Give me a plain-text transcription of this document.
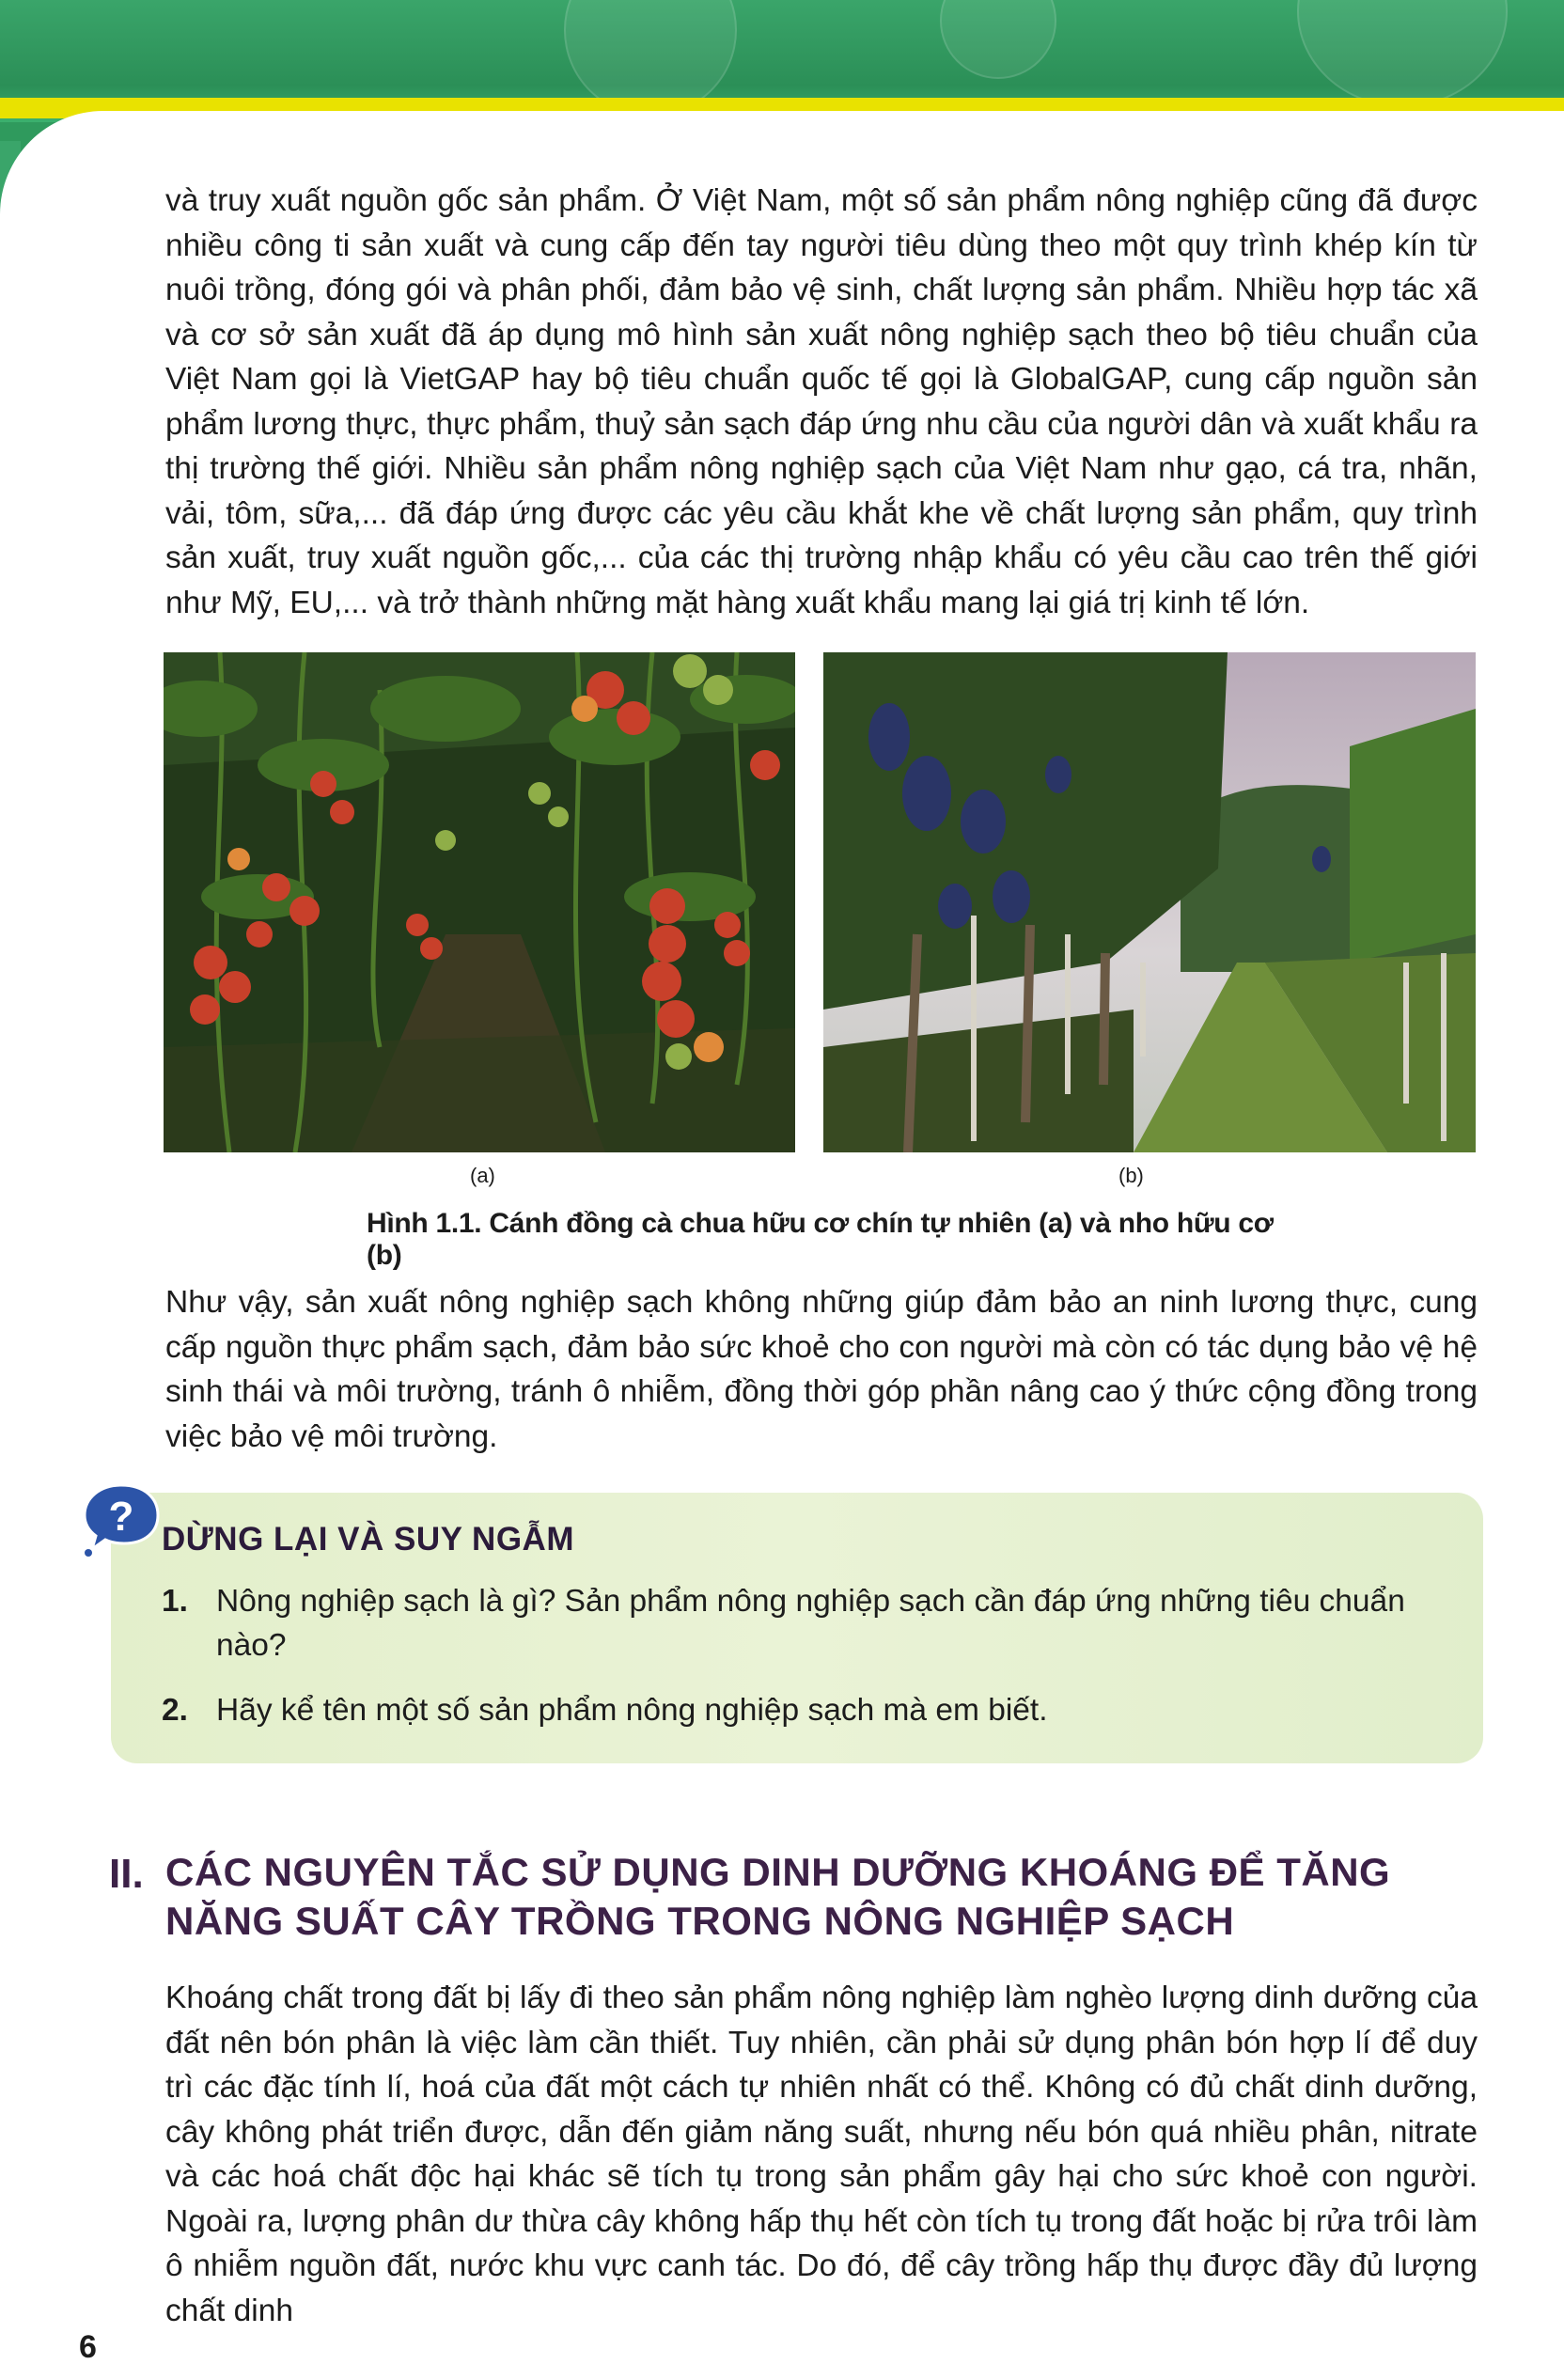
và truy xuất nguồn gốc sản phẩm. Ở Việt Nam, một số sản phẩm nông nghiệp cũng đã được nhiều công ti sản xuất và cung cấp đến tay người tiêu dùng theo một quy trình khép kín từ nuôi trồng, đóng gói và phân phối, đảm bảo vệ sinh, chất lượng sản phẩm. Nhiều hợp tác xã và cơ sở sản xuất đã áp dụng mô hình sản xuất nông nghiệp sạch theo bộ tiêu chuẩn của Việt Nam gọi là VietGAP hay bộ tiêu chuẩn quốc tế gọi là GlobalGAP, cung cấp nguồn sản phẩm lương thực, thực phẩm, thuỷ sản sạch đáp ứng nhu cầu của người dân và xuất khẩu ra thị trường thế giới. Nhiều sản phẩm nông nghiệp sạch của Việt Nam như gạo, cá tra, nhãn, vải, tôm, sữa,... đã đáp ứng được các yêu cầu khắt khe về chất lượng sản phẩm, quy trình sản xuất, truy xuất nguồn gốc,... của các thị trường nhập khẩu có yêu cầu cao trên thế giới như Mỹ, EU,... và trở thành những mặt hàng xuất khẩu mang lại giá trị kinh tế lớn.

(a)	(b)
Hình 1.1. Cánh đồng cà chua hữu cơ chín tự nhiên (a) và nho hữu cơ (b)

Như vậy, sản xuất nông nghiệp sạch không những giúp đảm bảo an ninh lương thực, cung cấp nguồn thực phẩm sạch, đảm bảo sức khoẻ cho con người mà còn có tác dụng bảo vệ hệ sinh thái và môi trường, tránh ô nhiễm, đồng thời góp phần nâng cao ý thức cộng đồng trong việc bảo vệ môi trường.

? DỪNG LẠI VÀ SUY NGẪM
1. Nông nghiệp sạch là gì? Sản phẩm nông nghiệp sạch cần đáp ứng những tiêu chuẩn nào?
2. Hãy kể tên một số sản phẩm nông nghiệp sạch mà em biết.
II. CÁC NGUYÊN TẮC SỬ DỤNG DINH DƯỠNG KHOÁNG ĐỂ TĂNG NĂNG SUẤT CÂY TRỒNG TRONG NÔNG NGHIỆP SẠCH

Khoáng chất trong đất bị lấy đi theo sản phẩm nông nghiệp làm nghèo lượng dinh dưỡng của đất nên bón phân là việc làm cần thiết. Tuy nhiên, cần phải sử dụng phân bón hợp lí để duy trì các đặc tính lí, hoá của đất một cách tự nhiên nhất có thể. Không có đủ chất dinh dưỡng, cây không phát triển được, dẫn đến giảm năng suất, nhưng nếu bón quá nhiều phân, nitrate và các hoá chất độc hại khác sẽ tích tụ trong sản phẩm gây hại cho sức khoẻ con người. Ngoài ra, lượng phân dư thừa cây không hấp thụ hết còn tích tụ trong đất hoặc bị rửa trôi làm ô nhiễm nguồn đất, nước khu vực canh tác. Do đó, để cây trồng hấp thụ được đầy đủ lượng chất dinh

6
